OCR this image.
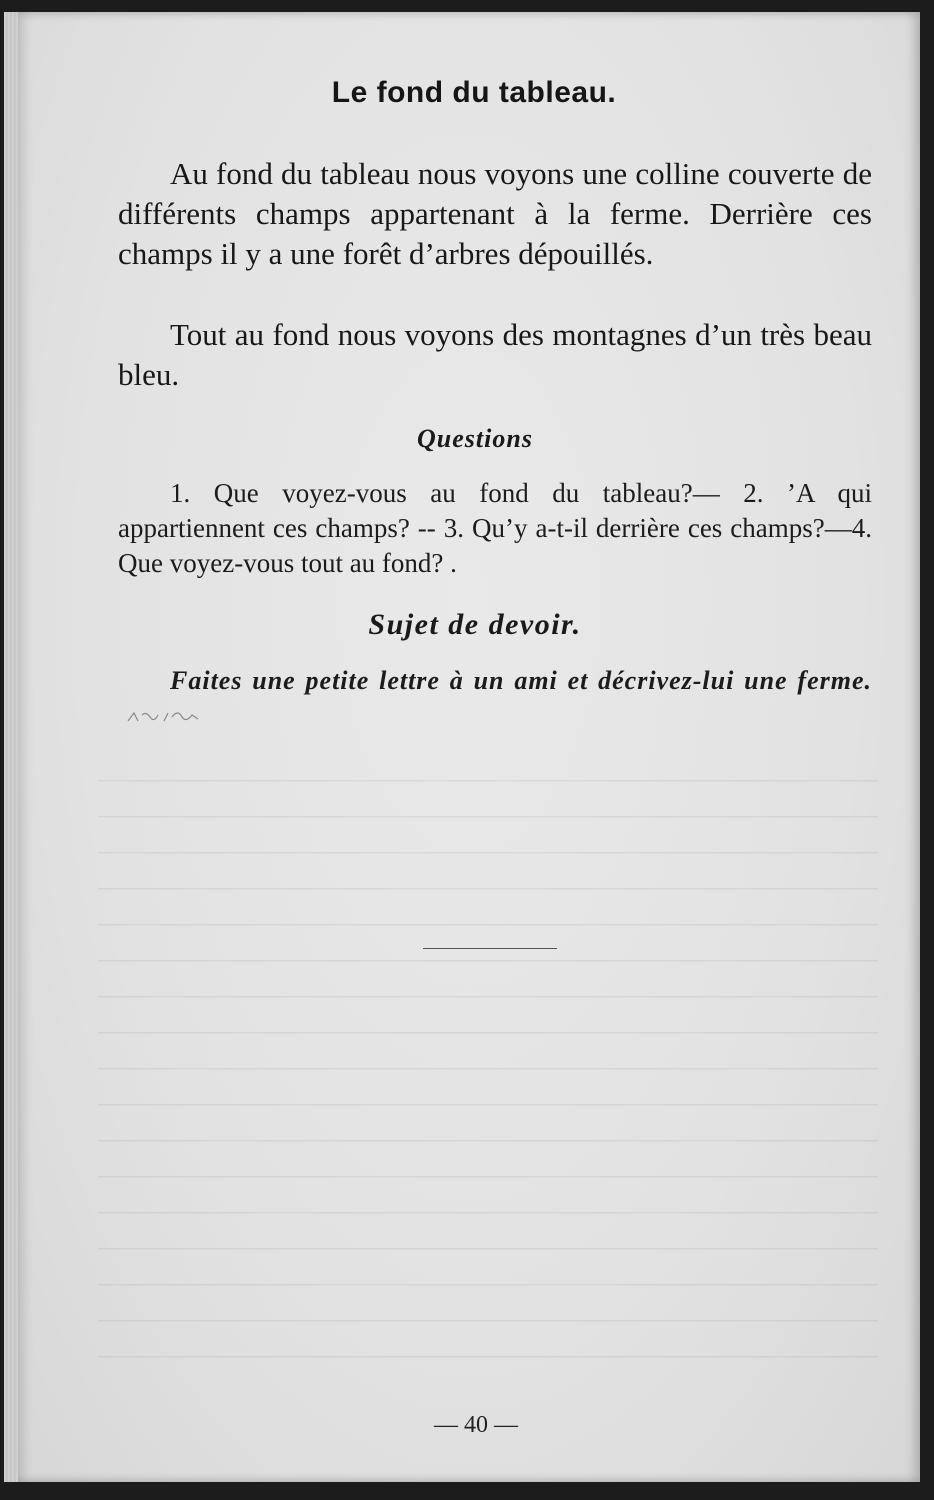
Le fond du tableau.

Au fond du tableau nous voyons une colline couverte de différents champs appartenant à la ferme. Derrière ces champs il y a une forêt d’arbres dépouillés.

Tout au fond nous voyons des montagnes d’un très beau bleu.

Questions

1. Que voyez-vous au fond du tableau?— 2. ’A qui appartiennent ces champs? -- 3. Qu’y a-t-il derrière ces champs?—4. Que voyez-vous tout au fond? .

Sujet de devoir.

Faites une petite lettre à un ami et décrivez-lui une ferme.

— 40 —
